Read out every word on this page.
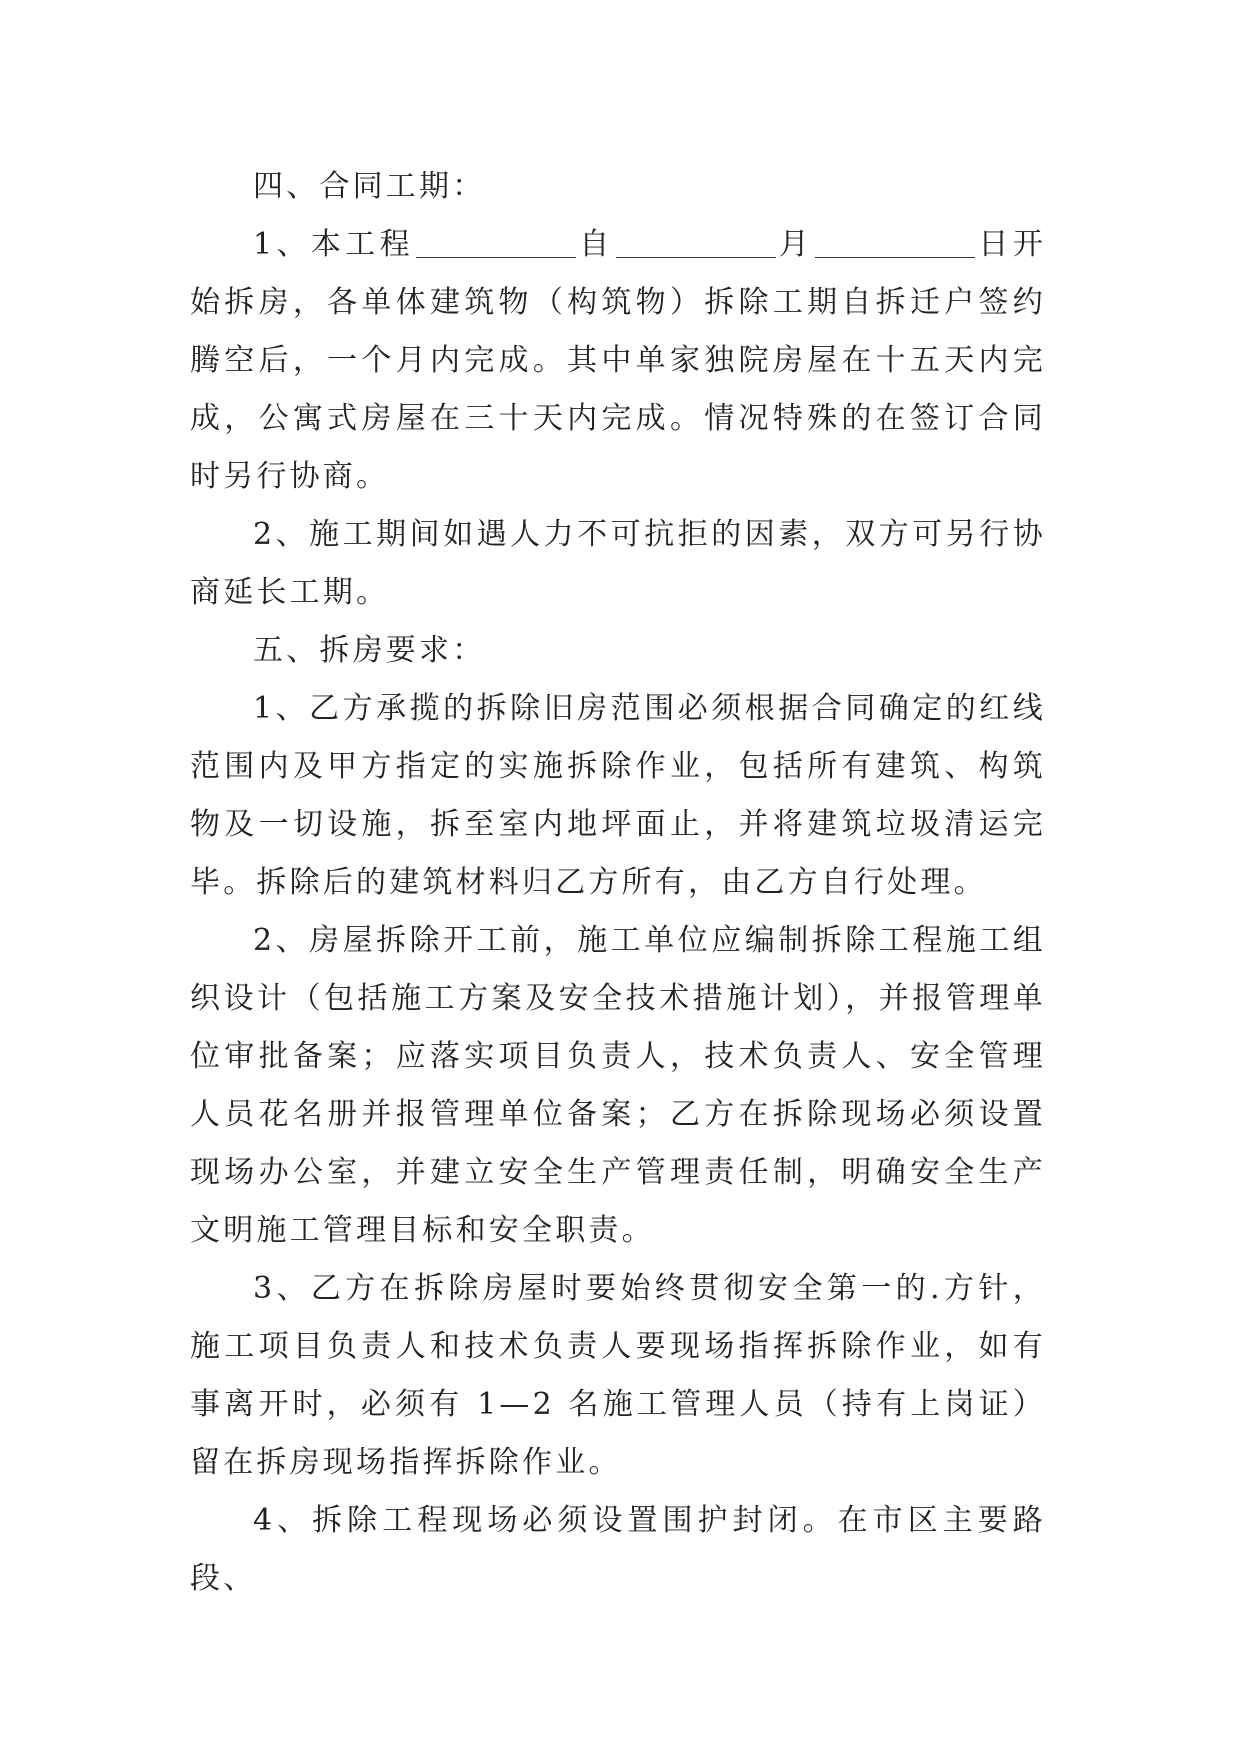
四、合同工期：

1、本工程	自	月	日开始拆房，各单体建筑物（构筑物）拆除工期自拆迁户签约腾空后，一个月内完成。其中单家独院房屋在十五天内完成，公寓式房屋在三十天内完成。情况特殊的在签订合同时另行协商。

2、施工期间如遇人力不可抗拒的因素，双方可另行协商延长工期。

五、拆房要求：

1、乙方承揽的拆除旧房范围必须根据合同确定的红线范围内及甲方指定的实施拆除作业，包括所有建筑、构筑物及一切设施，拆至室内地坪面止，并将建筑垃圾清运完毕。拆除后的建筑材料归乙方所有，由乙方自行处理。

2、房屋拆除开工前，施工单位应编制拆除工程施工组织设计（包括施工方案及安全技术措施计划），并报管理单位审批备案；应落实项目负责人，技术负责人、安全管理人员花名册并报管理单位备案；乙方在拆除现场必须设置现场办公室，并建立安全生产管理责任制，明确安全生产文明施工管理目标和安全职责。

3、乙方在拆除房屋时要始终贯彻安全第一的.方针，施工项目负责人和技术负责人要现场指挥拆除作业，如有事离开时，必须有 1—2 名施工管理人员（持有上岗证）留在拆房现场指挥拆除作业。

4、拆除工程现场必须设置围护封闭。在市区主要路段、
